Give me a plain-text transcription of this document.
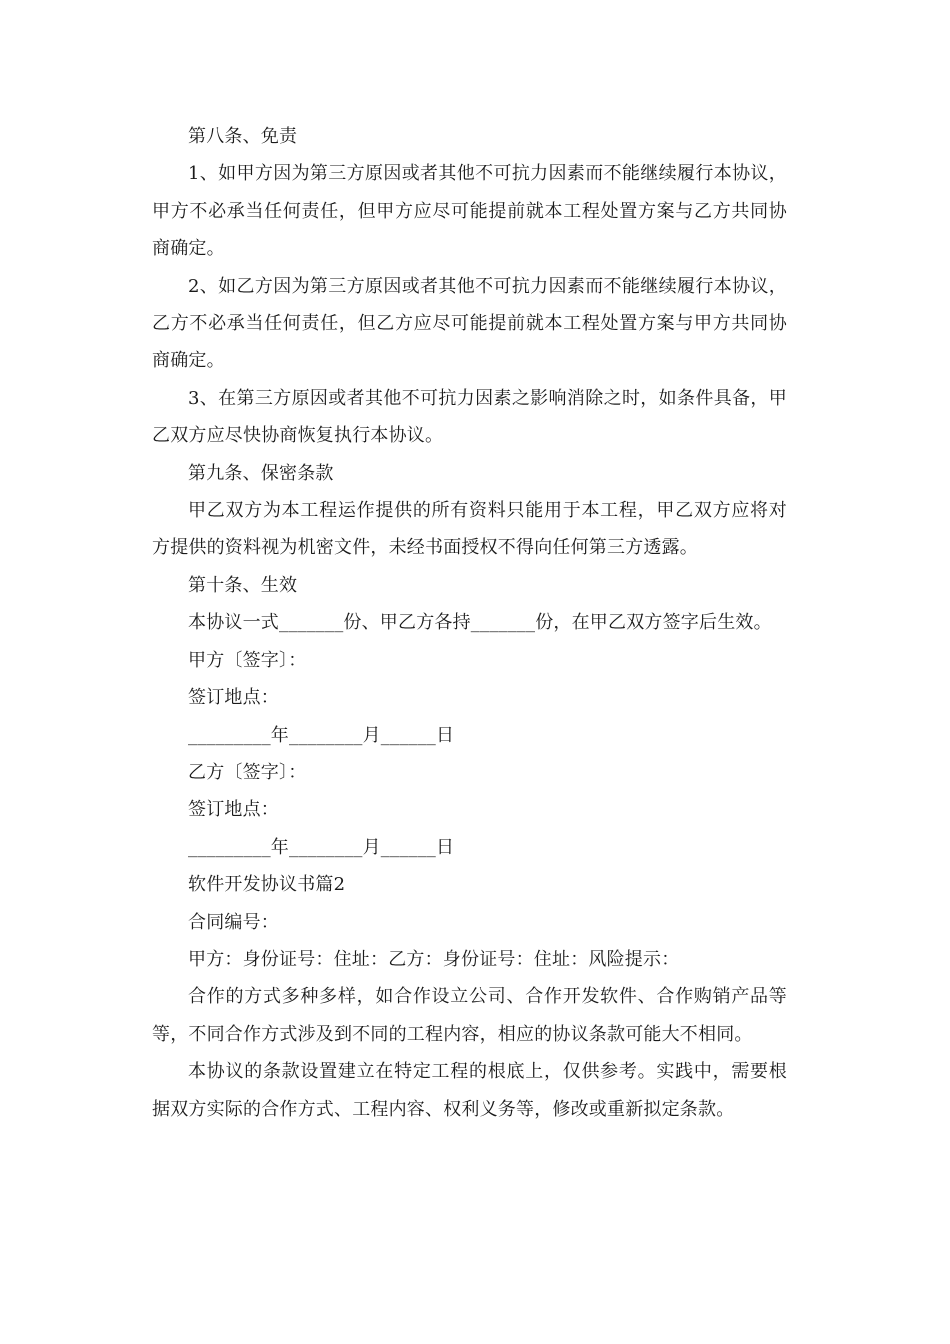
第八条、免责

1、如甲方因为第三方原因或者其他不可抗力因素而不能继续履行本协议，甲方不必承当任何责任，但甲方应尽可能提前就本工程处置方案与乙方共同协商确定。

2、如乙方因为第三方原因或者其他不可抗力因素而不能继续履行本协议，乙方不必承当任何责任，但乙方应尽可能提前就本工程处置方案与甲方共同协商确定。

3、在第三方原因或者其他不可抗力因素之影响消除之时，如条件具备，甲乙双方应尽快协商恢复执行本协议。

第九条、保密条款

甲乙双方为本工程运作提供的所有资料只能用于本工程，甲乙双方应将对方提供的资料视为机密文件，未经书面授权不得向任何第三方透露。

第十条、生效

本协议一式_______份、甲乙方各持_______份，在甲乙双方签字后生效。

甲方〔签字〕：

签订地点：

_________年________月______日

乙方〔签字〕：

签订地点：

_________年________月______日

软件开发协议书篇2

合同编号：

甲方：身份证号：住址：乙方：身份证号：住址：风险提示：

合作的方式多种多样，如合作设立公司、合作开发软件、合作购销产品等等，不同合作方式涉及到不同的工程内容，相应的协议条款可能大不相同。

本协议的条款设置建立在特定工程的根底上，仅供参考。实践中，需要根据双方实际的合作方式、工程内容、权利义务等，修改或重新拟定条款。
